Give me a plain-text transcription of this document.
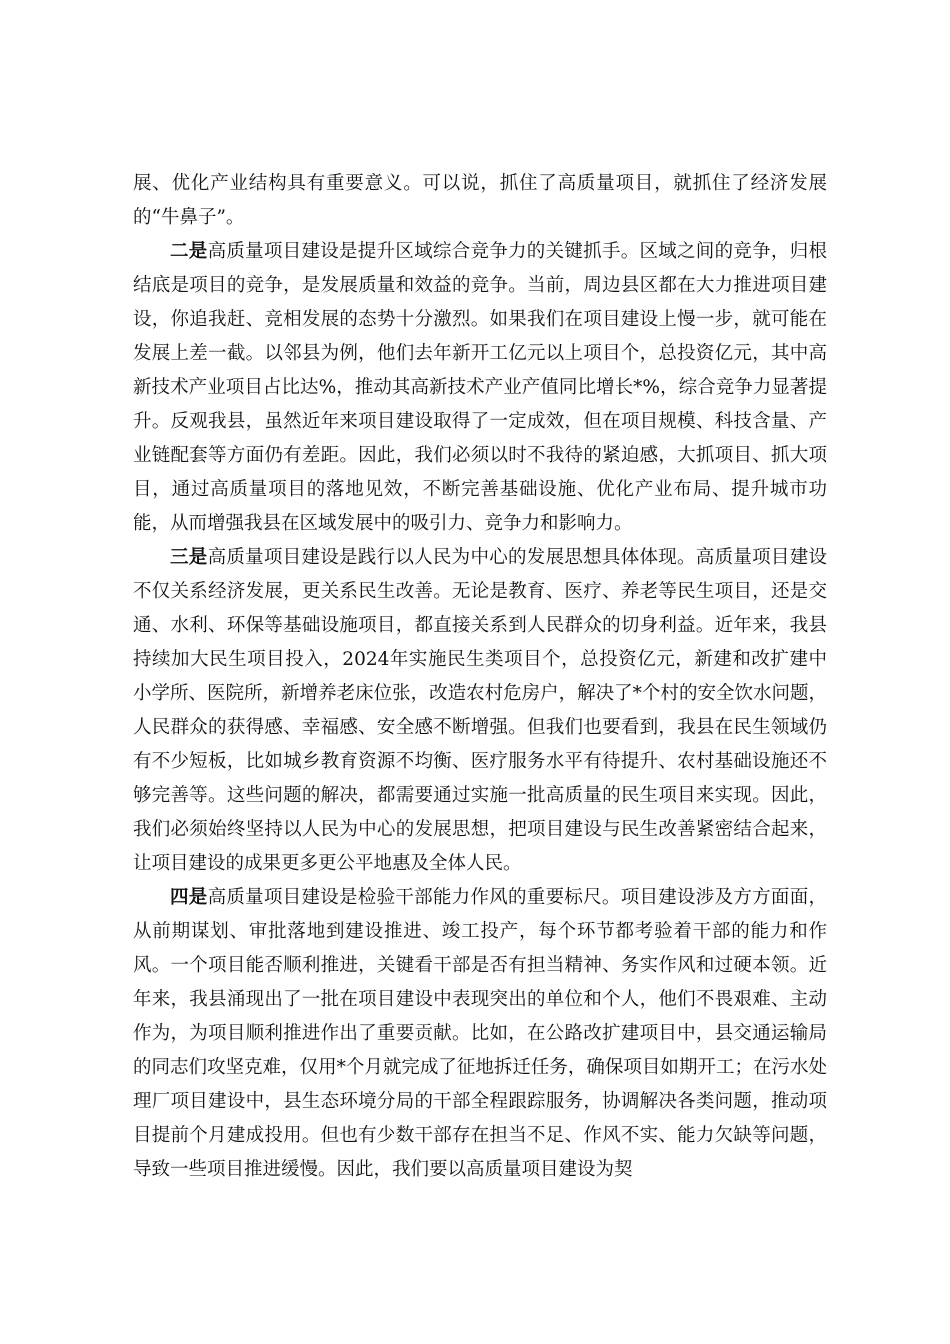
展、优化产业结构具有重要意义。可以说，抓住了高质量项目，就抓住了经济发展的“牛鼻子”。

二是高质量项目建设是提升区域综合竞争力的关键抓手。区域之间的竞争，归根结底是项目的竞争，是发展质量和效益的竞争。当前，周边县区都在大力推进项目建设，你追我赶、竞相发展的态势十分激烈。如果我们在项目建设上慢一步，就可能在发展上差一截。以邻县为例，他们去年新开工亿元以上项目个，总投资亿元，其中高新技术产业项目占比达%，推动其高新技术产业产值同比增长*%，综合竞争力显著提升。反观我县，虽然近年来项目建设取得了一定成效，但在项目规模、科技含量、产业链配套等方面仍有差距。因此，我们必须以时不我待的紧迫感，大抓项目、抓大项目，通过高质量项目的落地见效，不断完善基础设施、优化产业布局、提升城市功能，从而增强我县在区域发展中的吸引力、竞争力和影响力。

三是高质量项目建设是践行以人民为中心的发展思想具体体现。高质量项目建设不仅关系经济发展，更关系民生改善。无论是教育、医疗、养老等民生项目，还是交通、水利、环保等基础设施项目，都直接关系到人民群众的切身利益。近年来，我县持续加大民生项目投入，2024年实施民生类项目个，总投资亿元，新建和改扩建中小学所、医院所，新增养老床位张，改造农村危房户，解决了*个村的安全饮水问题，人民群众的获得感、幸福感、安全感不断增强。但我们也要看到，我县在民生领域仍有不少短板，比如城乡教育资源不均衡、医疗服务水平有待提升、农村基础设施还不够完善等。这些问题的解决，都需要通过实施一批高质量的民生项目来实现。因此，我们必须始终坚持以人民为中心的发展思想，把项目建设与民生改善紧密结合起来，让项目建设的成果更多更公平地惠及全体人民。

四是高质量项目建设是检验干部能力作风的重要标尺。项目建设涉及方方面面，从前期谋划、审批落地到建设推进、竣工投产，每个环节都考验着干部的能力和作风。一个项目能否顺利推进，关键看干部是否有担当精神、务实作风和过硬本领。近年来，我县涌现出了一批在项目建设中表现突出的单位和个人，他们不畏艰难、主动作为，为项目顺利推进作出了重要贡献。比如，在公路改扩建项目中，县交通运输局的同志们攻坚克难，仅用*个月就完成了征地拆迁任务，确保项目如期开工；在污水处理厂项目建设中，县生态环境分局的干部全程跟踪服务，协调解决各类问题，推动项目提前个月建成投用。但也有少数干部存在担当不足、作风不实、能力欠缺等问题，导致一些项目推进缓慢。因此，我们要以高质量项目建设为契
